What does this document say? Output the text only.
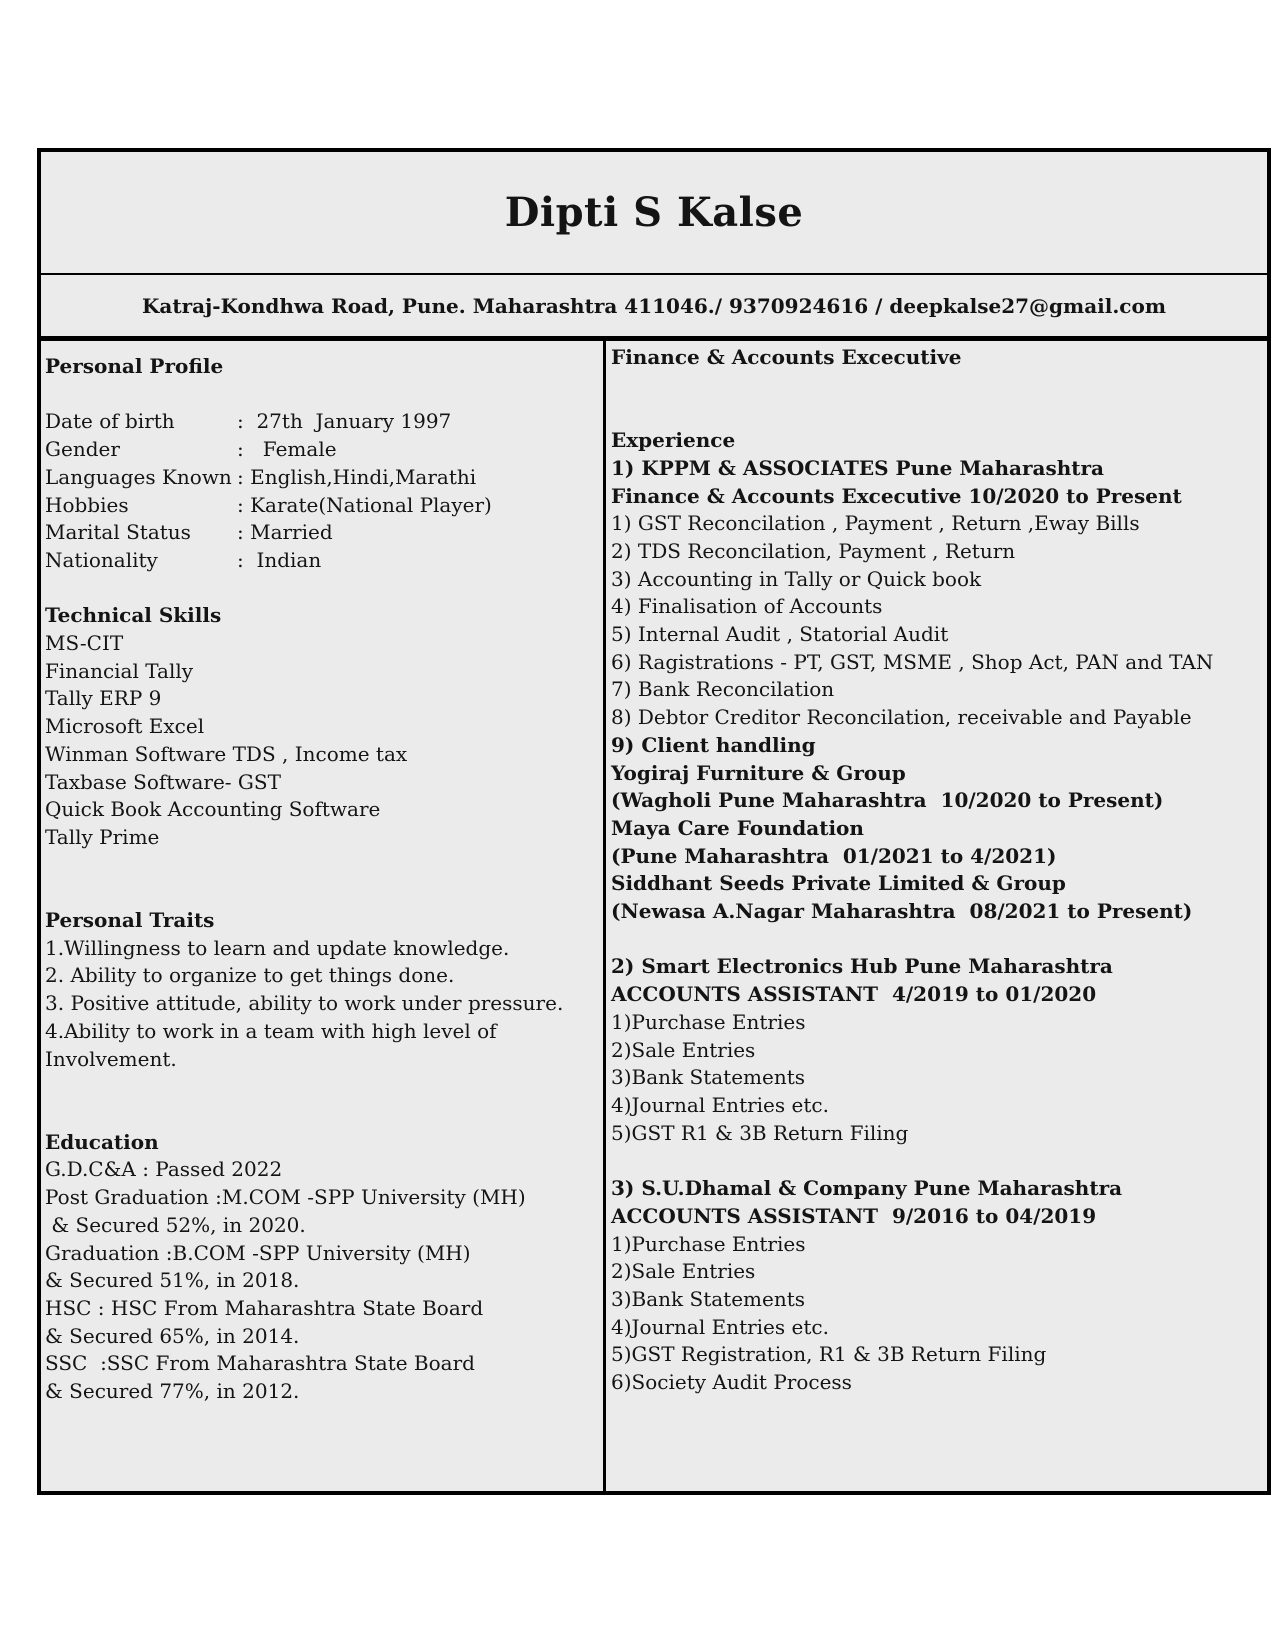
Dipti S Kalse
Katraj-Kondhwa Road, Pune. Maharashtra 411046./ 9370924616 / deepkalse27@gmail.com
Personal Profile

Date of birth	:  27th  January 1997
Gender	:   Female
Languages Known : English,Hindi,Marathi
Hobbies	: Karate(National Player)
Marital Status	: Married
Nationality	:  Indian

Technical Skills
MS-CIT
Financial Tally
Tally ERP 9
Microsoft Excel
Winman Software TDS , Income tax
Taxbase Software- GST
Quick Book Accounting Software
Tally Prime

Personal Traits
1.Willingness to learn and update knowledge.
2. Ability to organize to get things done.
3. Positive attitude, ability to work under pressure.
4.Ability to work in a team with high level of
Involvement.

Education
G.D.C&A : Passed 2022
Post Graduation :M.COM -SPP University (MH)
& Secured 52%, in 2020.
Graduation :B.COM -SPP University (MH)
& Secured 51%, in 2018.
HSC : HSC From Maharashtra State Board
& Secured 65%, in 2014.
SSC  :SSC From Maharashtra State Board
& Secured 77%, in 2012.
Finance & Accounts Excecutive

Experience
1) KPPM & ASSOCIATES Pune Maharashtra
Finance & Accounts Excecutive 10/2020 to Present
1) GST Reconcilation , Payment , Return ,Eway Bills
2) TDS Reconcilation, Payment , Return
3) Accounting in Tally or Quick book
4) Finalisation of Accounts
5) Internal Audit , Statorial Audit
6) Ragistrations - PT, GST, MSME , Shop Act, PAN and TAN
7) Bank Reconcilation
8) Debtor Creditor Reconcilation, receivable and Payable
9) Client handling
Yogiraj Furniture & Group
(Wagholi Pune Maharashtra  10/2020 to Present)
Maya Care Foundation
(Pune Maharashtra  01/2021 to 4/2021)
Siddhant Seeds Private Limited & Group
(Newasa A.Nagar Maharashtra  08/2021 to Present)

2) Smart Electronics Hub Pune Maharashtra
ACCOUNTS ASSISTANT  4/2019 to 01/2020
1)Purchase Entries
2)Sale Entries
3)Bank Statements
4)Journal Entries etc.
5)GST R1 & 3B Return Filing

3) S.U.Dhamal & Company Pune Maharashtra
ACCOUNTS ASSISTANT  9/2016 to 04/2019
1)Purchase Entries
2)Sale Entries
3)Bank Statements
4)Journal Entries etc.
5)GST Registration, R1 & 3B Return Filing
6)Society Audit Process
